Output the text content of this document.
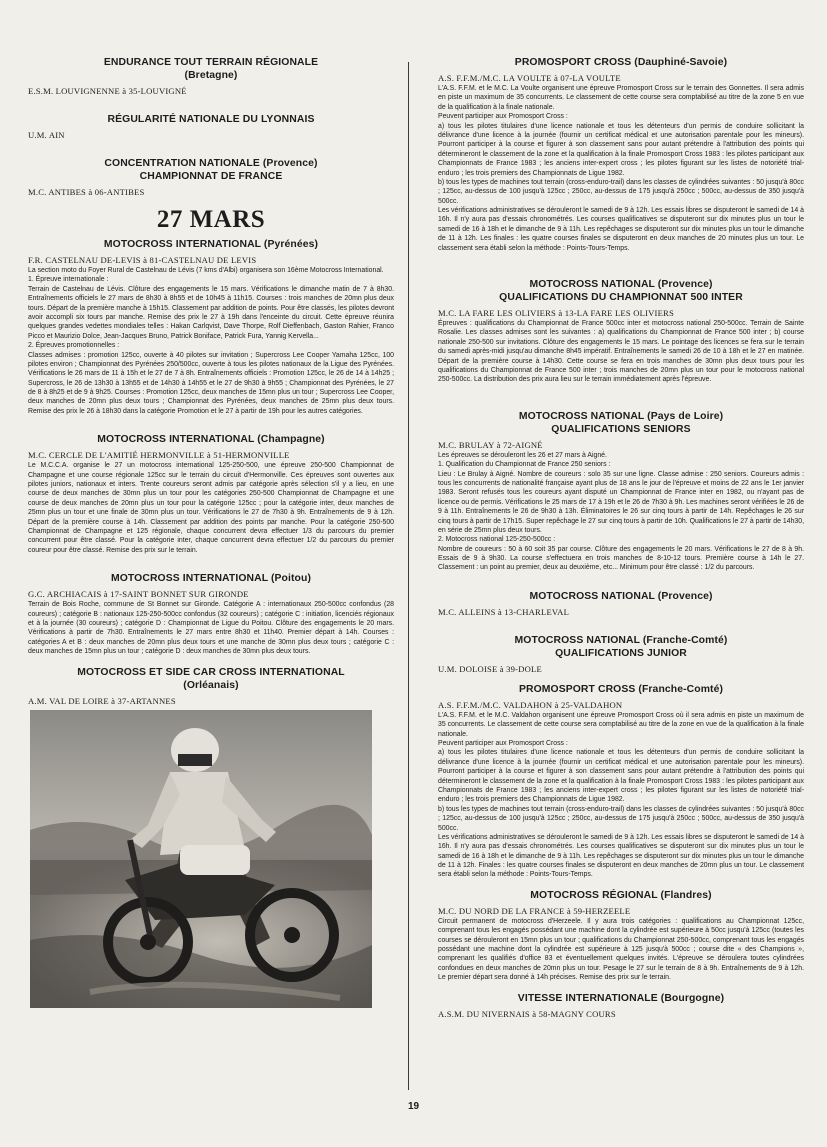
ENDURANCE TOUT TERRAIN RÉGIONALE
(Bretagne)
E.S.M. LOUVIGNENNE à 35-LOUVIGNÉ
RÉGULARITÉ NATIONALE DU LYONNAIS
U.M. AIN
CONCENTRATION NATIONALE (Provence)
CHAMPIONNAT DE FRANCE
M.C. ANTIBES à 06-ANTIBES
27 MARS
MOTOCROSS INTERNATIONAL (Pyrénées)
F.R. CASTELNAU DE-LEVIS à 81-CASTELNAU DE LEVIS

La section moto du Foyer Rural de Castelnau de Lévis (7 kms d'Albi) organisera son 16ème Motocross International.

1. Épreuve internationale :

Terrain de Castelnau de Lévis. Clôture des engagements le 15 mars. Vérifications le dimanche matin de 7 à 8h30. Entraînements officiels le 27 mars de 8h30 à 8h55 et de 10h45 à 11h15. Courses : trois manches de 20mn plus deux tours. Départ de la première manche à 15h15. Classement par addition de points. Pour être classés, les pilotes devront avoir accompli six tours par manche. Remise des prix le 27 à 19h dans l'enceinte du circuit. Cette épreuve réunira quelques grandes vedettes mondiales telles : Hakan Carlqvist, Dave Thorpe, Rolf Dieffenbach, Gaston Rahier, Franco Picco et Maurizio Dolce, Jean-Jacques Bruno, Patrick Boniface, Patrick Fura, Yannig Kervella...

2. Épreuves promotionnelles :

Classes admises : promotion 125cc, ouverte à 40 pilotes sur invitation ; Supercross Lee Cooper Yamaha 125cc, 100 pilotes environ ; Championnat des Pyrénées 250/500cc, ouverte à tous les pilotes nationaux de la Ligue des Pyrénées. Vérifications le 26 mars de 11 à 15h et le 27 de 7 à 8h. Entraînements officiels : Promotion 125cc, le 26 de 14 à 14h25 ; Supercross, le 26 de 13h30 à 13h55 et de 14h30 à 14h55 et le 27 de 9h30 à 9h55 ; Championnat des Pyrénées, le 27 de 8 à 8h25 et de 9 à 9h25. Courses : Promotion 125cc, deux manches de 15mn plus un tour ; Supercross Lee Cooper, deux manches de 20mn plus deux tours ; Championnat des Pyrénées, deux manches de 25mn plus deux tours. Remise des prix le 26 à 18h30 dans la catégorie Promotion et le 27 à partir de 19h pour les autres catégories.

MOTOCROSS INTERNATIONAL (Champagne)
M.C. CERCLE DE L'AMITIÉ HERMONVILLE à 51-HERMONVILLE

Le M.C.C.A. organise le 27 un motocross international 125-250-500, une épreuve 250-500 Championnat de Champagne et une course régionale 125cc sur le terrain du circuit d'Hermonville. Ces épreuves sont ouvertes aux pilotes juniors, nationaux et inters. Trente coureurs seront admis par catégorie après sélection s'il y a lieu, en une course de deux manches de 30mn plus un tour pour les catégories 250-500 Championnat de Champagne et une course de deux manches de 20mn plus un tour pour la catégorie 125cc ; pour la catégorie inter, deux manches de 25mn plus un tour et une finale de 30mn plus un tour. Vérifications le 27 de 7h30 à 9h. Entraînements de 9 à 12h. Départ de la première course à 14h. Classement par addition des points par manche. Pour la catégorie 250-500 Championnat de Champagne et 125 régionale, chaque concurrent devra effectuer 1/3 du parcours du premier concurrent pour être classé. Pour la catégorie inter, chaque concurrent devra effectuer 1/2 du parcours du premier coureur pour être classé. Remise des prix sur le terrain.

MOTOCROSS INTERNATIONAL (Poitou)
G.C. ARCHIACAIS à 17-SAINT BONNET SUR GIRONDE

Terrain de Bois Roche, commune de St Bonnet sur Gironde. Catégorie A : internationaux 250-500cc confondus (28 coureurs) ; catégorie B : nationaux 125-250-500cc confondus (32 coureurs) ; catégorie C : initiation, licenciés régionaux et à la journée (30 coureurs) ; catégorie D : Championnat de Ligue du Poitou. Clôture des engagements le 20 mars. Vérifications à partir de 7h30. Entraînements le 27 mars entre 8h30 et 11h40. Premier départ à 14h. Courses : catégories A et B : deux manches de 20mn plus deux tours et une manche de 30mn plus deux tours ; catégorie C : deux manches de 15mn plus un tour ; catégorie D : deux manches de 30mn plus deux tours.

MOTOCROSS ET SIDE CAR CROSS INTERNATIONAL
(Orléanais)
A.M. VAL DE LOIRE à 37-ARTANNES
PROMOSPORT CROSS (Dauphiné-Savoie)
A.S. F.F.M./M.C. LA VOULTE à 07-LA VOULTE

L'A.S. F.F.M. et le M.C. La Voulte organisent une épreuve Promosport Cross sur le terrain des Gonnettes. Il sera admis en piste un maximum de 35 concurrents. Le classement de cette course sera comptabilisé au titre de la zone 5 en vue de la qualification à la finale nationale.

Peuvent participer aux Promosport Cross :

a) tous les pilotes titulaires d'une licence nationale et tous les détenteurs d'un permis de conduire sollicitant la délivrance d'une licence à la journée (fournir un certificat médical et une autorisation parentale pour les mineurs). Pourront participer à la course et figurer à son classement sans pour autant prétendre à l'attribution des points qui détermineront le classement de la zone et la qualification à la finale Promosport Cross 1983 : les pilotes participant aux Championnats de France 1983 ; les anciens inter-expert cross ; les pilotes figurant sur les listes de notoriété trial-enduro ; les trois premiers des Championnats de Ligue 1982.

b) tous les types de machines tout terrain (cross-enduro-trail) dans les classes de cylindrées suivantes : 50 jusqu'à 80cc ; 125cc, au-dessus de 100 jusqu'à 125cc ; 250cc, au-dessus de 175 jusqu'à 250cc ; 500cc, au-dessus de 350 jusqu'à 500cc.

Les vérifications administratives se dérouleront le samedi de 9 à 12h. Les essais libres se disputeront le samedi de 14 à 16h. Il n'y aura pas d'essais chronométrés. Les courses qualificatives se disputeront sur dix minutes plus un tour le samedi de 16 à 18h et le dimanche de 9 à 11h. Les repêchages se disputeront sur dix minutes plus un tour le dimanche de 11 à 12h. Les finales : les quatre courses finales se disputeront en deux manches de 20 minutes plus un tour. Le classement sera établi selon la méthode : Points-Tours-Temps.

MOTOCROSS NATIONAL (Provence)
QUALIFICATIONS DU CHAMPIONNAT 500 INTER
M.C. LA FARE LES OLIVIERS à 13-LA FARE LES OLIVIERS

Épreuves : qualifications du Championnat de France 500cc inter et motocross national 250-500cc. Terrain de Sainte Rosalie. Les classes admises sont les suivantes : a) qualifications du Championnat de France 500 inter ; b) course nationale 250-500 sur invitations. Clôture des engagements le 15 mars. Le pointage des licences se fera sur le terrain du samedi après-midi jusqu'au dimanche 8h45 impératif. Entraînements le samedi 26 de 10 à 18h et le 27 en matinée. Départ de la première course à 14h30. Cette course se fera en trois manches de 30mn plus deux tours pour les qualifications du Championnat de France 500 inter ; trois manches de 20mn plus un tour pour le motocross national 250-500cc. La distribution des prix aura lieu sur le terrain immédiatement après l'épreuve.

MOTOCROSS NATIONAL (Pays de Loire)
QUALIFICATIONS SENIORS
M.C. BRULAY à 72-AIGNÉ

Les épreuves se dérouleront les 26 et 27 mars à Aigné.

1. Qualification du Championnat de France 250 seniors :

Lieu : Le Brulay à Aigné. Nombre de coureurs : solo 35 sur une ligne. Classe admise : 250 seniors. Coureurs admis : tous les concurrents de nationalité française ayant plus de 18 ans le jour de l'épreuve et moins de 22 ans le 1er janvier 1983. Seront refusés tous les coureurs ayant disputé un Championnat de France inter en 1982, ou n'ayant pas de licence ou de permis. Vérifications le 25 mars de 17 à 19h et le 26 de 7h30 à 9h. Les machines seront vérifiées le 26 de 9 à 11h. Entraînements le 26 de 9h30 à 13h. Éliminatoires le 26 sur cinq tours à partir de 14h. Repêchages le 26 sur cinq tours à partir de 17h15. Super repêchage le 27 sur cinq tours à partir de 10h. Qualifications le 27 à partir de 14h30, en série de 25mn plus deux tours.

2. Motocross national 125-250-500cc :

Nombre de coureurs : 50 à 60 soit 35 par course. Clôture des engagements le 20 mars. Vérifications le 27 de 8 à 9h. Essais de 9 à 9h30. La course s'effectuera en trois manches de 8-10-12 tours. Première course à 14h le 27. Classement : un point au premier, deux au deuxième, etc... Minimum pour être classé : 1/2 du parcours.

MOTOCROSS NATIONAL (Provence)
M.C. ALLEINS à 13-CHARLEVAL
MOTOCROSS NATIONAL (Franche-Comté)
QUALIFICATIONS JUNIOR
U.M. DOLOISE à 39-DOLE
PROMOSPORT CROSS (Franche-Comté)
A.S. F.F.M./M.C. VALDAHON à 25-VALDAHON

L'A.S. F.F.M. et le M.C. Valdahon organisent une épreuve Promosport Cross où il sera admis en piste un maximum de 35 concurrents. Le classement de cette course sera comptabilisé au titre de la zone en vue de la qualification à la finale nationale.

Peuvent participer aux Promosport Cross :

a) tous les pilotes titulaires d'une licence nationale et tous les détenteurs d'un permis de conduire sollicitant la délivrance d'une licence à la journée (fournir un certificat médical et une autorisation parentale pour les mineurs). Pourront participer à la course et figurer à son classement sans pour autant prétendre à l'attribution des points qui détermineront le classement de la zone et la qualification à la finale Promosport Cross 1983 : les pilotes participant aux Championnats de France 1983 ; les anciens inter-expert cross ; les pilotes figurant sur les listes de notoriété trial-enduro ; les trois premiers des Championnats de Ligue 1982.

b) tous les types de machines tout terrain (cross-enduro-trail) dans les classes de cylindrées suivantes : 50 jusqu'à 80cc ; 125cc, au-dessus de 100 jusqu'à 125cc ; 250cc, au-dessus de 175 jusqu'à 250cc ; 500cc, au-dessus de 350 jusqu'à 500cc.

Les vérifications administratives se dérouleront le samedi de 9 à 12h. Les essais libres se disputeront le samedi de 14 à 16h. Il n'y aura pas d'essais chronométrés. Les courses qualificatives se disputeront sur dix minutes plus un tour le samedi de 16 à 18h et le dimanche de 9 à 11h. Les repêchages se disputeront sur dix minutes plus un tour le dimanche de 11 à 12h. Finales : les quatre courses finales se disputeront en deux manches de 20mn plus un tour. Le classement sera établi selon la méthode : Points-Tours-Temps.

MOTOCROSS RÉGIONAL (Flandres)
M.C. DU NORD DE LA FRANCE à 59-HERZEELE

Circuit permanent de motocross d'Herzeele. Il y aura trois catégories : qualifications au Championnat 125cc, comprenant tous les engagés possédant une machine dont la cylindrée est supérieure à 50cc jusqu'à 125cc (toutes les courses se dérouleront en 15mn plus un tour ; qualifications du Championnat 250-500cc, comprenant tous les engagés possédant une machine dont la cylindrée est supérieure à 125 jusqu'à 500cc ; course dite « des Champions », comprenant les qualifiés d'office 83 et éventuellement quelques invités. L'épreuve se déroulera toutes cylindrées confondues en deux manches de 20mn plus un tour. Pesage le 27 sur le terrain de 8 à 9h. Entraînements de 9 à 12h. Le premier départ sera donné à 14h précises. Remise des prix sur le terrain.

VITESSE INTERNATIONALE (Bourgogne)
A.S.M. DU NIVERNAIS à 58-MAGNY COURS
19
